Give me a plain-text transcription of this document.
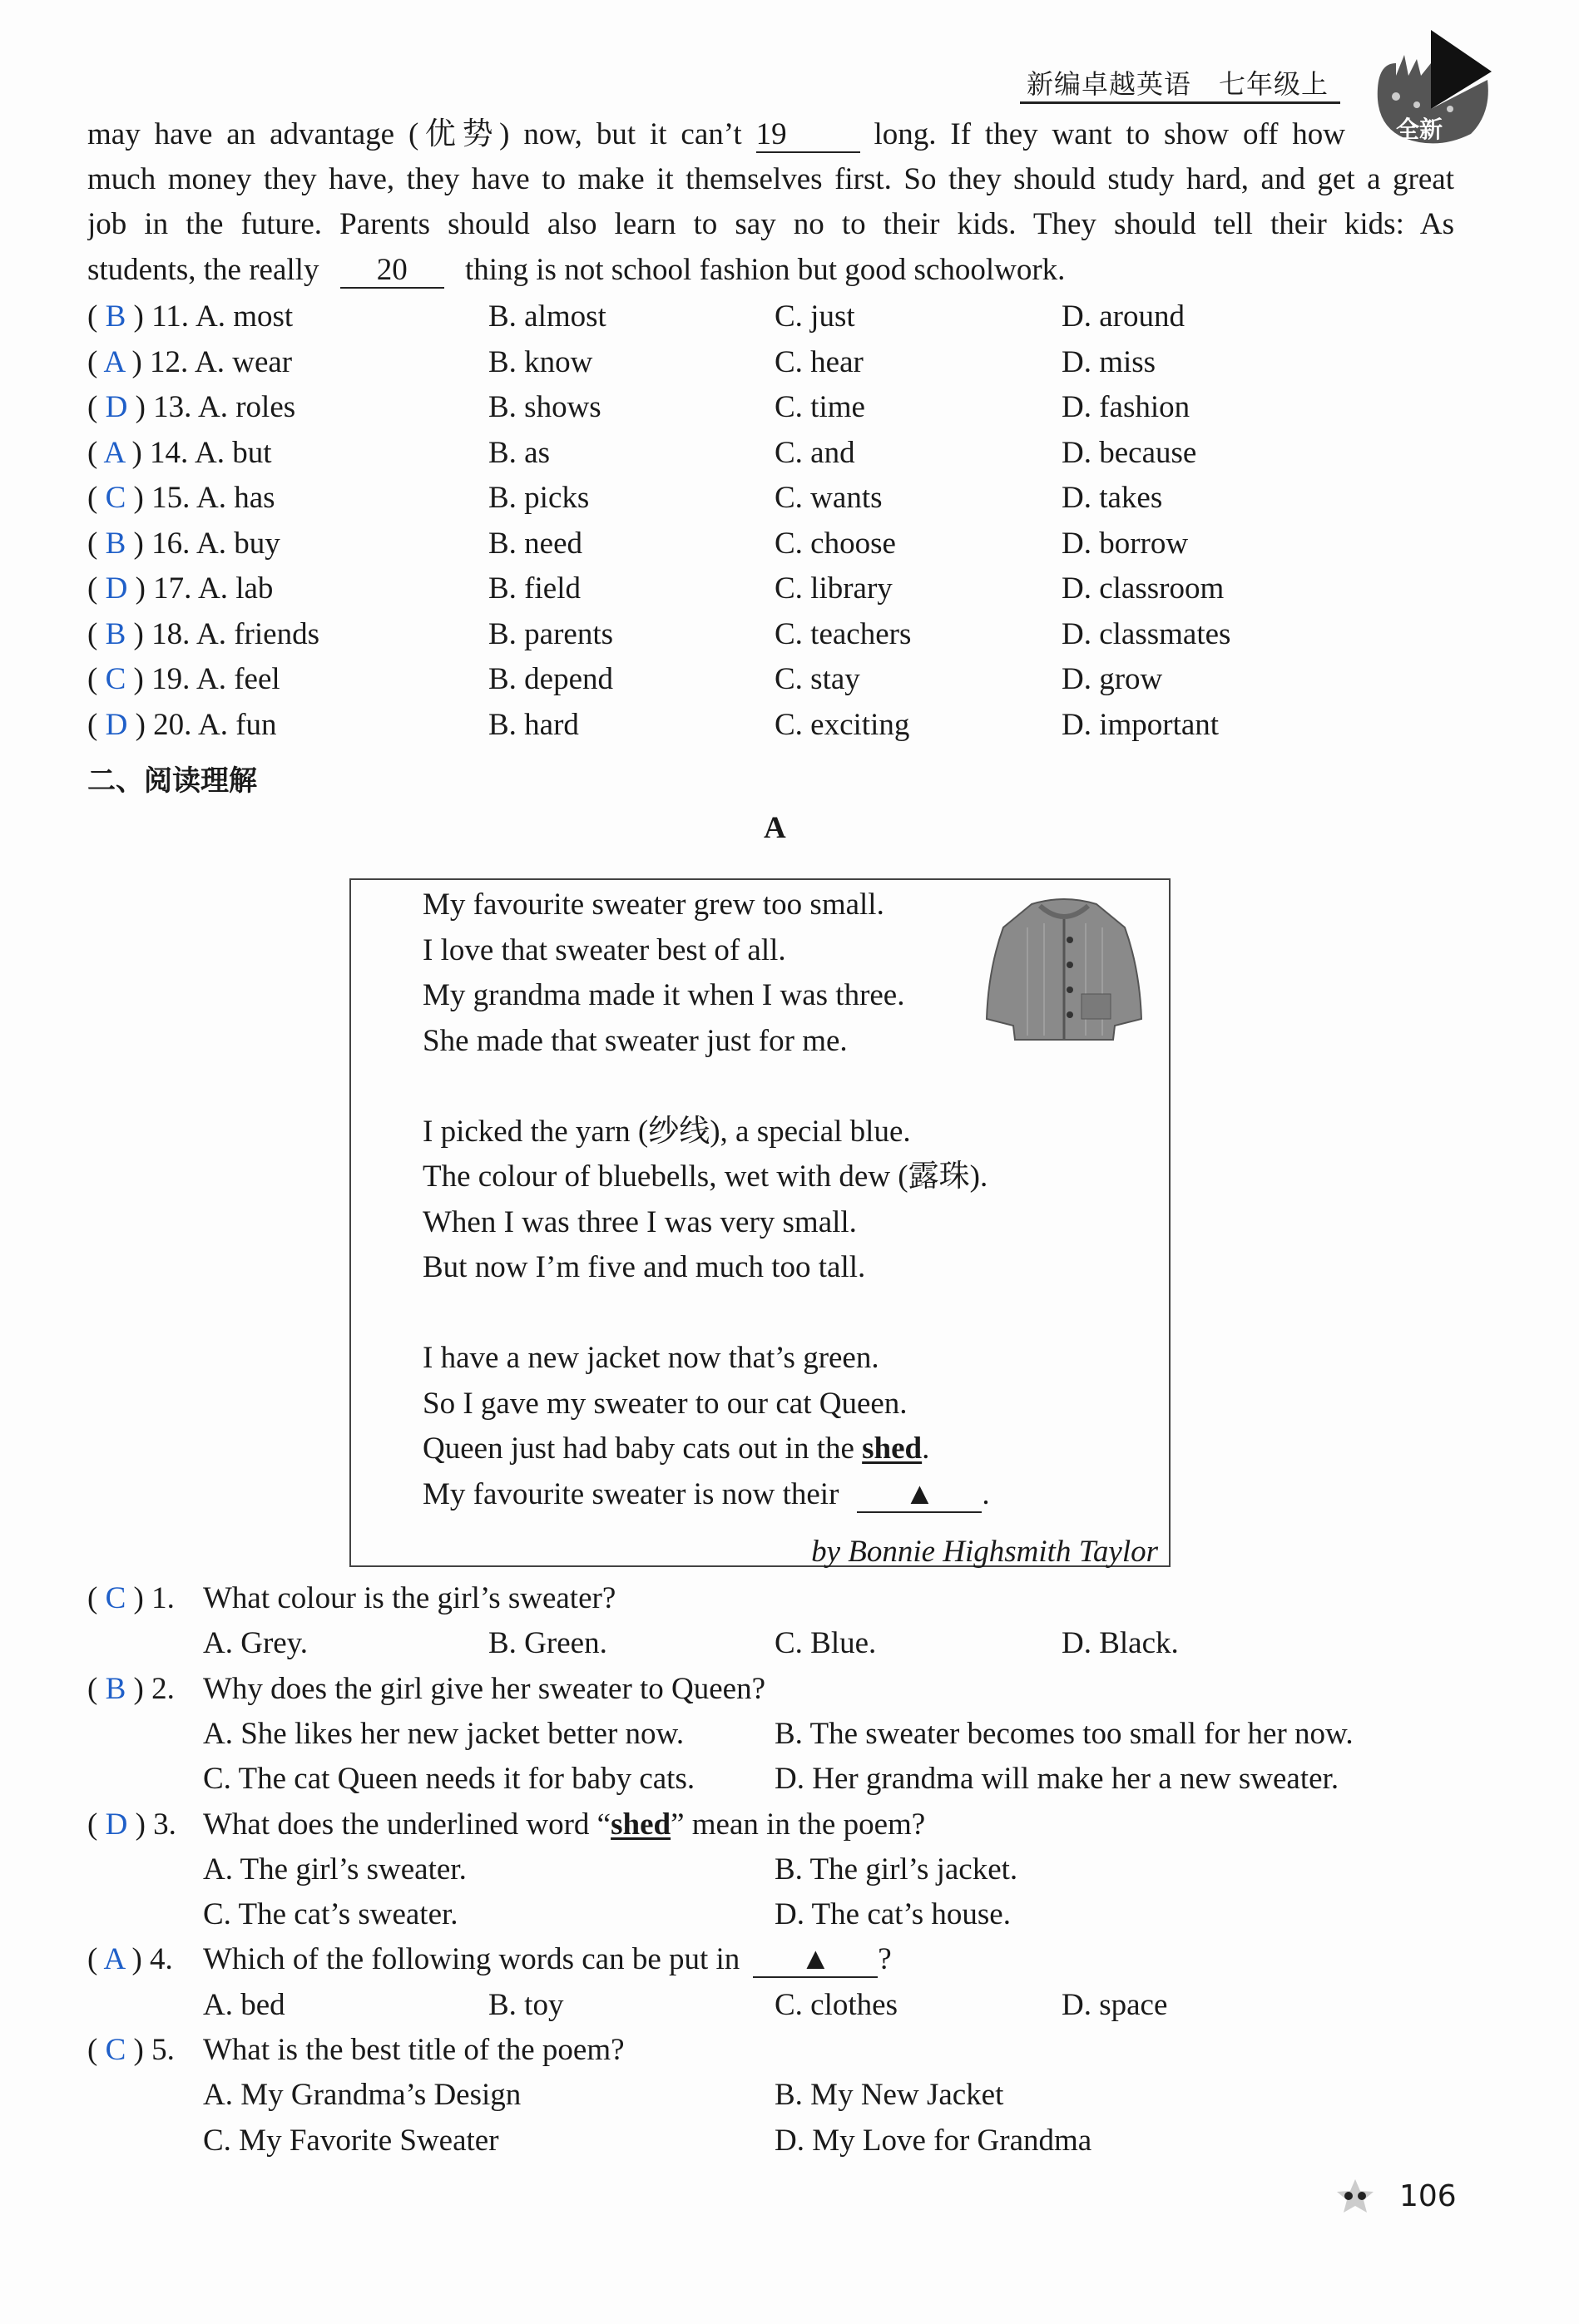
新编卓越英语　七年级上
全新
may have an advantage (优势) now, but it can’t 19	long. If they want to show off how
much money they have, they have to make it themselves first. So they should study hard, and get a great
job in the future. Parents should also learn to say no to their kids. They should tell their kids: As
students, the really 20 thing is not school fashion but good schoolwork.
( B ) 11. A. most	B. almost	C. just	D. around
( A ) 12. A. wear	B. know	C. hear	D. miss
( D ) 13. A. roles	B. shows	C. time	D. fashion
( A ) 14. A. but	B. as	C. and	D. because
( C ) 15. A. has	B. picks	C. wants	D. takes
( B ) 16. A. buy	B. need	C. choose	D. borrow
( D ) 17. A. lab	B. field	C. library	D. classroom
( B ) 18. A. friends	B. parents	C. teachers	D. classmates
( C ) 19. A. feel	B. depend	C. stay	D. grow
( D ) 20. A. fun	B. hard	C. exciting	D. important
二、阅读理解
A
My favourite sweater grew too small.
I love that sweater best of all.
My grandma made it when I was three.
She made that sweater just for me.
I picked the yarn (纱线), a special blue.
The colour of bluebells, wet with dew (露珠).
When I was three I was very small.
But now I’m five and much too tall.
I have a new jacket now that’s green.
So I gave my sweater to our cat Queen.
Queen just had baby cats out in the shed.
My favourite sweater is now their ▲ .
by Bonnie Highsmith Taylor
( C ) 1. What colour is the girl’s sweater?
A. Grey.	B. Green.	C. Blue.	D. Black.
( B ) 2. Why does the girl give her sweater to Queen?
A. She likes her new jacket better now.	B. The sweater becomes too small for her now.
C. The cat Queen needs it for baby cats.	D. Her grandma will make her a new sweater.
( D ) 3. What does the underlined word “shed” mean in the poem?
A. The girl’s sweater.	B. The girl’s jacket.
C. The cat’s sweater.	D. The cat’s house.
( A ) 4. Which of the following words can be put in ▲ ?
A. bed	B. toy	C. clothes	D. space
( C ) 5. What is the best title of the poem?
A. My Grandma’s Design	B. My New Jacket
C. My Favorite Sweater	D. My Love for Grandma
106
